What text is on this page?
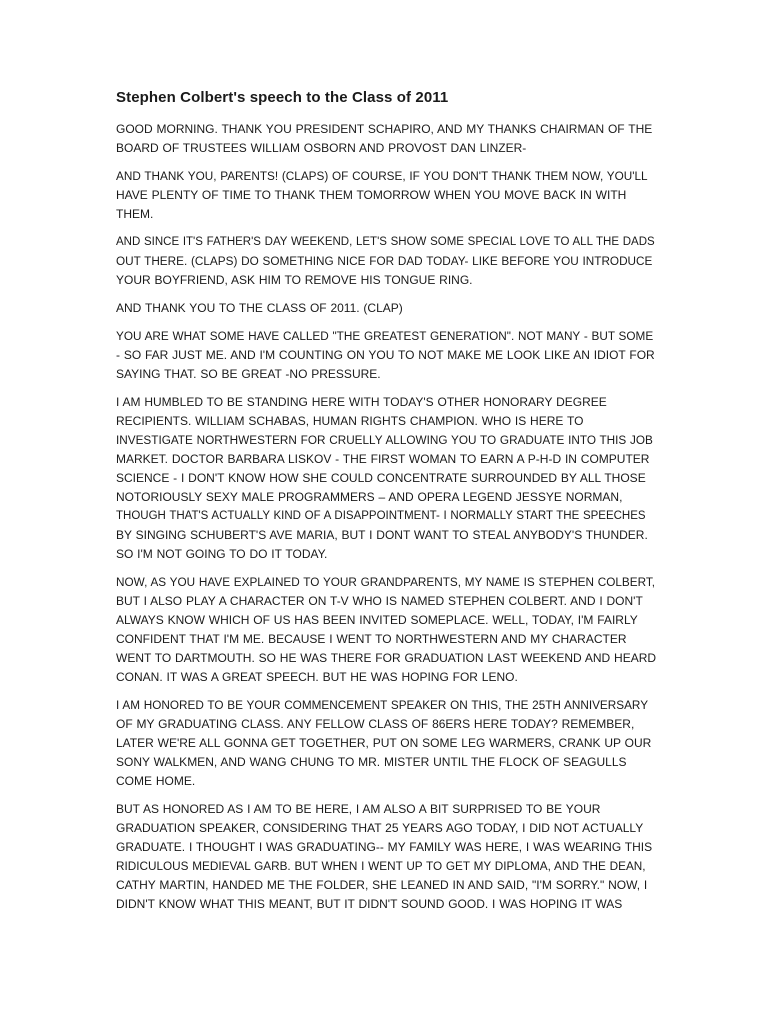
Stephen Colbert's speech to the Class of 2011
GOOD MORNING. THANK YOU PRESIDENT SCHAPIRO, AND MY THANKS CHAIRMAN OF THE
BOARD OF TRUSTEES WILLIAM OSBORN AND PROVOST DAN LINZER-
AND THANK YOU, PARENTS! (CLAPS) OF COURSE, IF YOU DON'T THANK THEM NOW, YOU'LL
HAVE PLENTY OF TIME TO THANK THEM TOMORROW WHEN YOU MOVE BACK IN WITH
THEM.
AND SINCE IT'S FATHER'S DAY WEEKEND, LET'S SHOW SOME SPECIAL LOVE TO ALL THE DADS
OUT THERE. (CLAPS) DO SOMETHING NICE FOR DAD TODAY- LIKE BEFORE YOU INTRODUCE
YOUR BOYFRIEND, ASK HIM TO REMOVE HIS TONGUE RING.
AND THANK YOU TO THE CLASS OF 2011. (CLAP)
YOU ARE WHAT SOME HAVE CALLED "THE GREATEST GENERATION". NOT MANY - BUT SOME
- SO FAR JUST ME. AND I'M COUNTING ON YOU TO NOT MAKE ME LOOK LIKE AN IDIOT FOR
SAYING THAT. SO BE GREAT -NO PRESSURE.
I AM HUMBLED TO BE STANDING HERE WITH TODAY'S OTHER HONORARY DEGREE
RECIPIENTS. WILLIAM SCHABAS, HUMAN RIGHTS CHAMPION. WHO IS HERE TO
INVESTIGATE NORTHWESTERN FOR CRUELLY ALLOWING YOU TO GRADUATE INTO THIS JOB
MARKET. DOCTOR BARBARA LISKOV - THE FIRST WOMAN TO EARN A P-H-D IN COMPUTER
SCIENCE - I DON'T KNOW HOW SHE COULD CONCENTRATE SURROUNDED BY ALL THOSE
NOTORIOUSLY SEXY MALE PROGRAMMERS – AND OPERA LEGEND JESSYE NORMAN,
THOUGH THAT'S ACTUALLY KIND OF A DISAPPOINTMENT- I NORMALLY START THE SPEECHES
BY SINGING SCHUBERT'S AVE MARIA, BUT I DONT WANT TO STEAL ANYBODY'S THUNDER.
SO I'M NOT GOING TO DO IT TODAY.
NOW, AS YOU HAVE EXPLAINED TO YOUR GRANDPARENTS, MY NAME IS STEPHEN COLBERT,
BUT I ALSO PLAY A CHARACTER ON T-V WHO IS NAMED STEPHEN COLBERT. AND I DON'T
ALWAYS KNOW WHICH OF US HAS BEEN INVITED SOMEPLACE. WELL, TODAY, I'M FAIRLY
CONFIDENT THAT I'M ME. BECAUSE I WENT TO NORTHWESTERN AND MY CHARACTER
WENT TO DARTMOUTH. SO HE WAS THERE FOR GRADUATION LAST WEEKEND AND HEARD
CONAN. IT WAS A GREAT SPEECH. BUT HE WAS HOPING FOR LENO.
I AM HONORED TO BE YOUR COMMENCEMENT SPEAKER ON THIS, THE 25TH ANNIVERSARY
OF MY GRADUATING CLASS. ANY FELLOW CLASS OF 86ERS HERE TODAY? REMEMBER,
LATER WE'RE ALL GONNA GET TOGETHER, PUT ON SOME LEG WARMERS, CRANK UP OUR
SONY WALKMEN, AND WANG CHUNG TO MR. MISTER UNTIL THE FLOCK OF SEAGULLS
COME HOME.
BUT AS HONORED AS I AM TO BE HERE, I AM ALSO A BIT SURPRISED TO BE YOUR
GRADUATION SPEAKER, CONSIDERING THAT 25 YEARS AGO TODAY, I DID NOT ACTUALLY
GRADUATE. I THOUGHT I WAS GRADUATING-- MY FAMILY WAS HERE, I WAS WEARING THIS
RIDICULOUS MEDIEVAL GARB. BUT WHEN I WENT UP TO GET MY DIPLOMA, AND THE DEAN,
CATHY MARTIN, HANDED ME THE FOLDER, SHE LEANED IN AND SAID, "I'M SORRY." NOW, I
DIDN'T KNOW WHAT THIS MEANT, BUT IT DIDN'T SOUND GOOD. I WAS HOPING IT WAS
